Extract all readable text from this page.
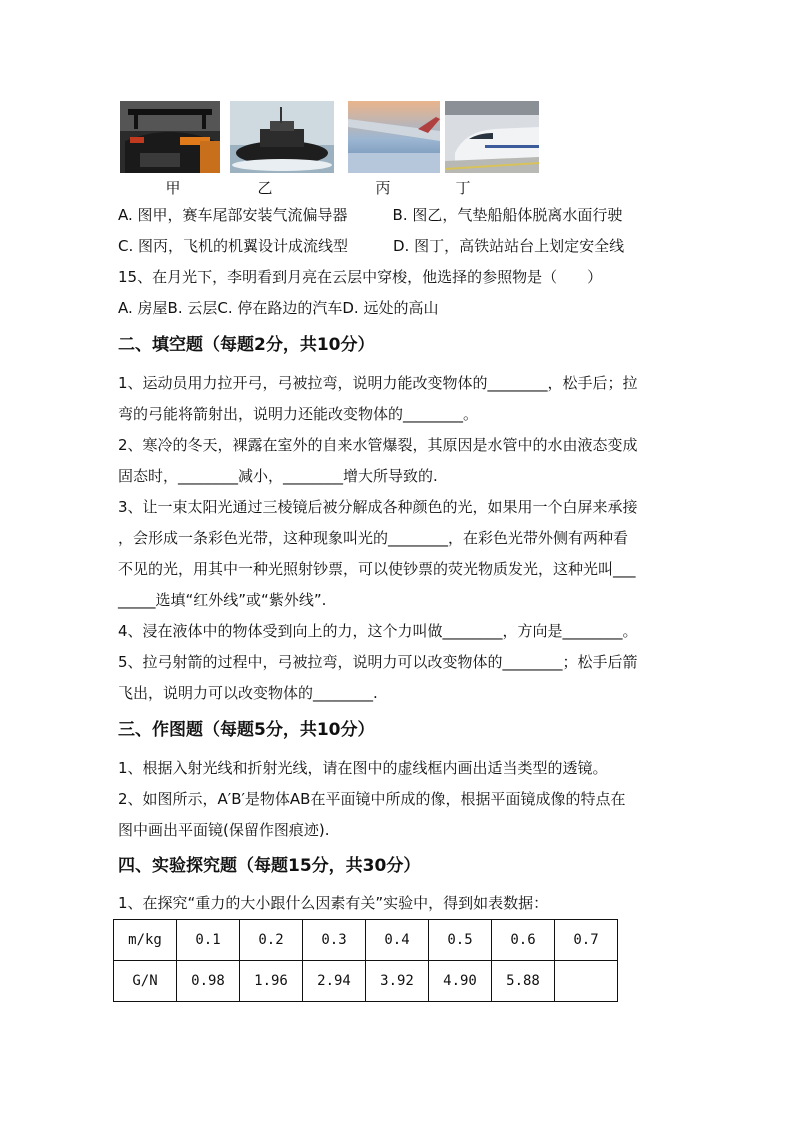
甲	乙	丙	丁
A. 图甲，赛车尾部安装气流偏导器　　　B. 图乙，气垫船船体脱离水面行驶
C. 图丙，飞机的机翼设计成流线型　　　D. 图丁，高铁站站台上划定安全线
15、在月光下，李明看到月亮在云层中穿梭，他选择的参照物是（　　）
A. 房屋B. 云层C. 停在路边的汽车D. 远处的高山
二、填空题（每题2分，共10分）
1、运动员用力拉开弓，弓被拉弯，说明力能改变物体的________，松手后；拉
弯的弓能将箭射出，说明力还能改变物体的________。
2、寒冷的冬天，裸露在室外的自来水管爆裂，其原因是水管中的水由液态变成
固态时，________减小，________增大所导致的.
3、让一束太阳光通过三棱镜后被分解成各种颜色的光，如果用一个白屏来承接
，会形成一条彩色光带，这种现象叫光的________，在彩色光带外侧有两种看
不见的光，用其中一种光照射钞票，可以使钞票的荧光物质发光，这种光叫___
_____选填“红外线”或“紫外线”.
4、浸在液体中的物体受到向上的力，这个力叫做________，方向是________。
5、拉弓射箭的过程中，弓被拉弯，说明力可以改变物体的________；松手后箭
飞出，说明力可以改变物体的________.
三、作图题（每题5分，共10分）
1、根据入射光线和折射光线，请在图中的虚线框内画出适当类型的透镜。
2、如图所示，A′B′是物体AB在平面镜中所成的像，根据平面镜成像的特点在
图中画出平面镜(保留作图痕迹).
四、实验探究题（每题15分，共30分）
1、在探究“重力的大小跟什么因素有关”实验中，得到如表数据：
m/kg	0.1	0.2	0.3	0.4	0.5	0.6	0.7
G/N	0.98	1.96	2.94	3.92	4.90	5.88	
